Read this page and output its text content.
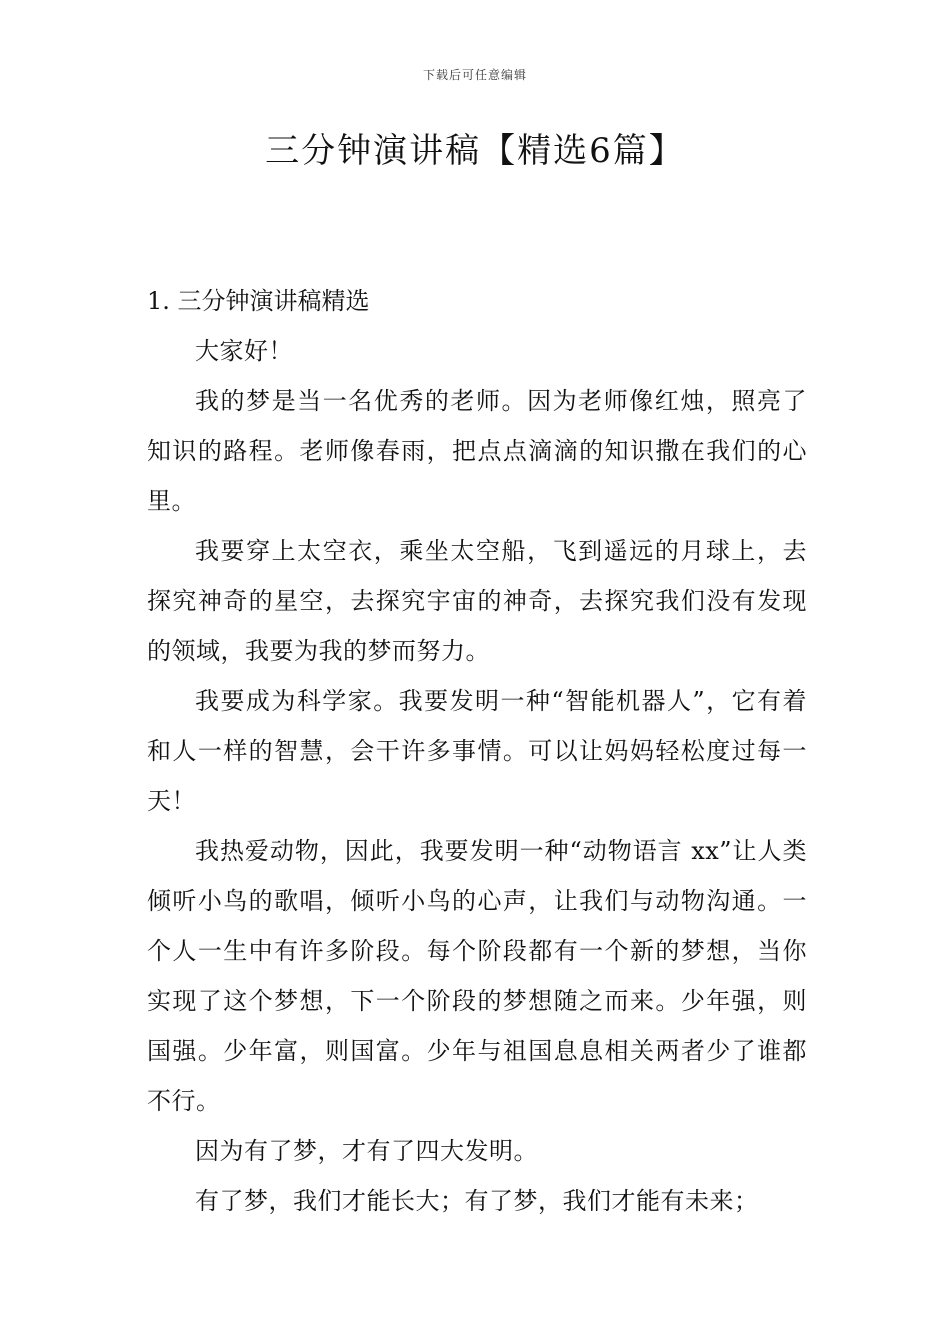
下载后可任意编辑
三分钟演讲稿【精选6篇】

1. 三分钟演讲稿精选

大家好！

我的梦是当一名优秀的老师。因为老师像红烛，照亮了知识的路程。老师像春雨，把点点滴滴的知识撒在我们的心里。

我要穿上太空衣，乘坐太空船，飞到遥远的月球上，去探究神奇的星空，去探究宇宙的神奇，去探究我们没有发现的领域，我要为我的梦而努力。

我要成为科学家。我要发明一种“智能机器人”，它有着和人一样的智慧，会干许多事情。可以让妈妈轻松度过每一天！

我热爱动物，因此，我要发明一种“动物语言 xx”让人类倾听小鸟的歌唱，倾听小鸟的心声，让我们与动物沟通。一个人一生中有许多阶段。每个阶段都有一个新的梦想，当你实现了这个梦想，下一个阶段的梦想随之而来。少年强，则国强。少年富，则国富。少年与祖国息息相关两者少了谁都不行。

因为有了梦，才有了四大发明。

有了梦，我们才能长大；有了梦，我们才能有未来；
